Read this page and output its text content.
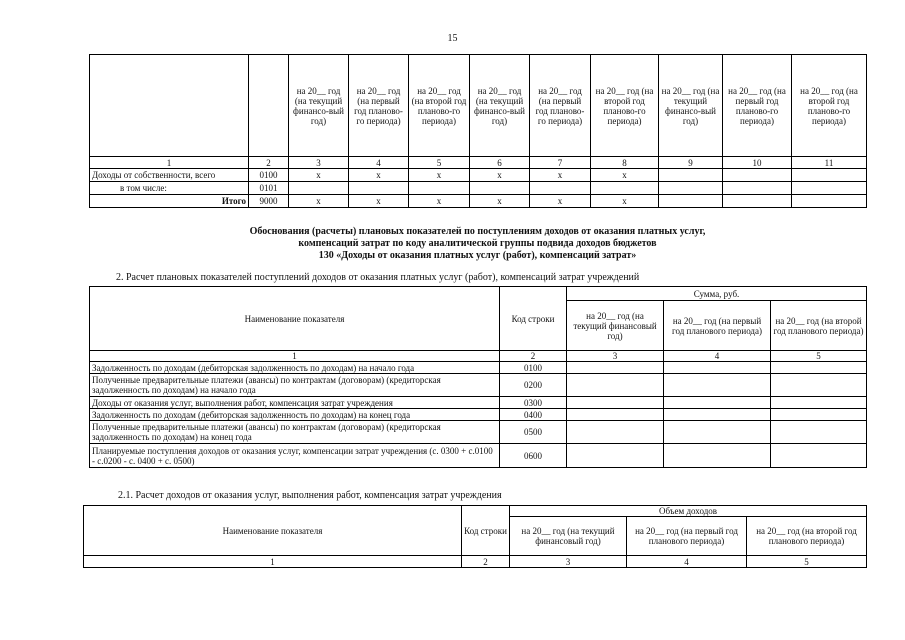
15
		на 20__ год (на текущий финансо-вый год)	на 20__ год (на первый год планово-го периода)	на 20__ год (на второй год планово-го периода)	на 20__ год (на текущий финансо-вый год)	на 20__ год (на первый год планово-го периода)	на 20__ год (на второй год планово-го периода)	на 20__ год (на текущий финансо-вый год)	на 20__ год (на первый год планово-го периода)	на 20__ год (на второй год планово-го периода)
1	2	3	4	5	6	7	8	9	10	11
Доходы от собственности, всего	0100	x	x	x	x	x	x			
в том числе:	0101									
Итого	9000	x	x	x	x	x	x			
Обоснования (расчеты) плановых показателей по поступлениям доходов от оказания платных услуг,
компенсаций затрат по коду аналитической группы подвида доходов бюджетов
130 «Доходы от оказания платных услуг (работ), компенсаций затрат»
2. Расчет плановых показателей поступлений доходов от оказания платных услуг (работ), компенсаций затрат учреждений
Наименование показателя	Код строки	Сумма, руб.		
		на 20__ год (на текущий финансовый год)	на 20__ год (на первый год планового периода)	на 20__ год (на второй год планового периода)
1	2	3	4	5
Задолженность по доходам (дебиторская задолженность по доходам) на начало года	0100			
Полученные предварительные платежи (авансы) по контрактам (договорам) (кредиторская задолженность по доходам) на начало года	0200			
Доходы от оказания услуг, выполнения работ, компенсация затрат учреждения	0300			
Задолженность по доходам (дебиторская задолженность по доходам) на конец года	0400			
Полученные предварительные платежи (авансы) по контрактам (договорам) (кредиторская задолженность по доходам) на конец года	0500			
Планируемые поступления доходов от оказания услуг, компенсации затрат учреждения (с. 0300 + с.0100 - с.0200 - с. 0400 + с. 0500)	0600			
2.1. Расчет доходов от оказания услуг, выполнения работ, компенсация затрат учреждения
Наименование показателя	Код строки	Объем доходов		
		на 20__ год (на текущий финансовый год)	на 20__ год (на первый год планового периода)	на 20__ год (на второй год планового периода)
1	2	3	4	5
